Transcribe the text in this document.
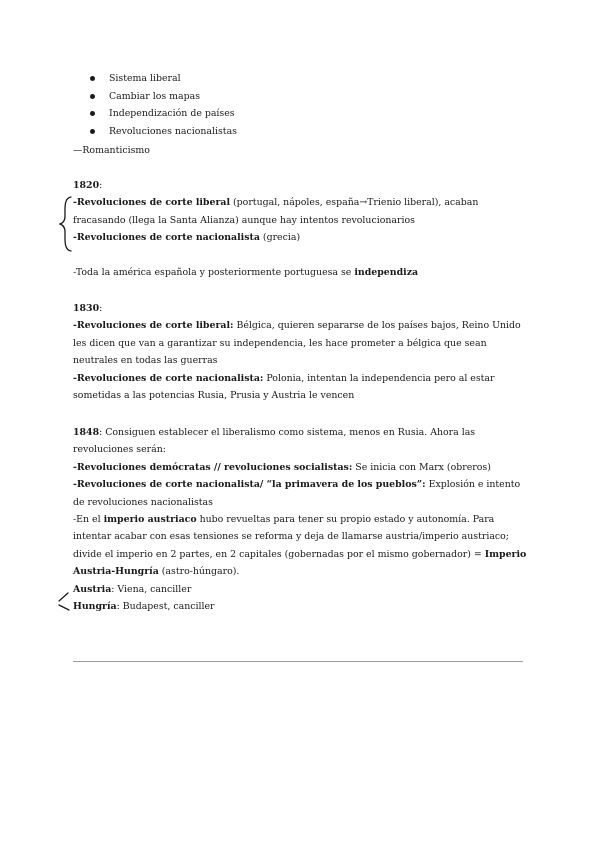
Sistema liberal
Cambiar los mapas
Independización de países
Revoluciones nacionalistas

—Romanticismo

1820:

-Revoluciones de corte liberal (portugal, nápoles, españa→Trienio liberal), acaban fracasando (llega la Santa Alianza) aunque hay intentos revolucionarios

-Revoluciones de corte nacionalista (grecia)

-Toda la américa española y posteriormente portuguesa se independiza

1830:

-Revoluciones de corte liberal: Bélgica, quieren separarse de los países bajos, Reino Unido les dicen que van a garantizar su independencia, les hace prometer a bélgica que sean neutrales en todas las guerras

-Revoluciones de corte nacionalista: Polonia, intentan la independencia pero al estar sometidas a las potencias Rusia, Prusia y Austria le vencen

1848: Consiguen establecer el liberalismo como sistema, menos en Rusia. Ahora las revoluciones serán:

-Revoluciones demócratas // revoluciones socialistas: Se inicia con Marx (obreros)

-Revoluciones de corte nacionalista/ “la primavera de los pueblos”: Explosión e intento de revoluciones nacionalistas

-En el imperio austriaco hubo revueltas para tener su propio estado y autonomía. Para intentar acabar con esas tensiones se reforma y deja de llamarse austria/imperio austriaco; divide el imperio en 2 partes, en 2 capitales (gobernadas por el mismo gobernador) = Imperio Austria-Hungría (astro-húngaro).

Austria: Viena, canciller

Hungría: Budapest, canciller
